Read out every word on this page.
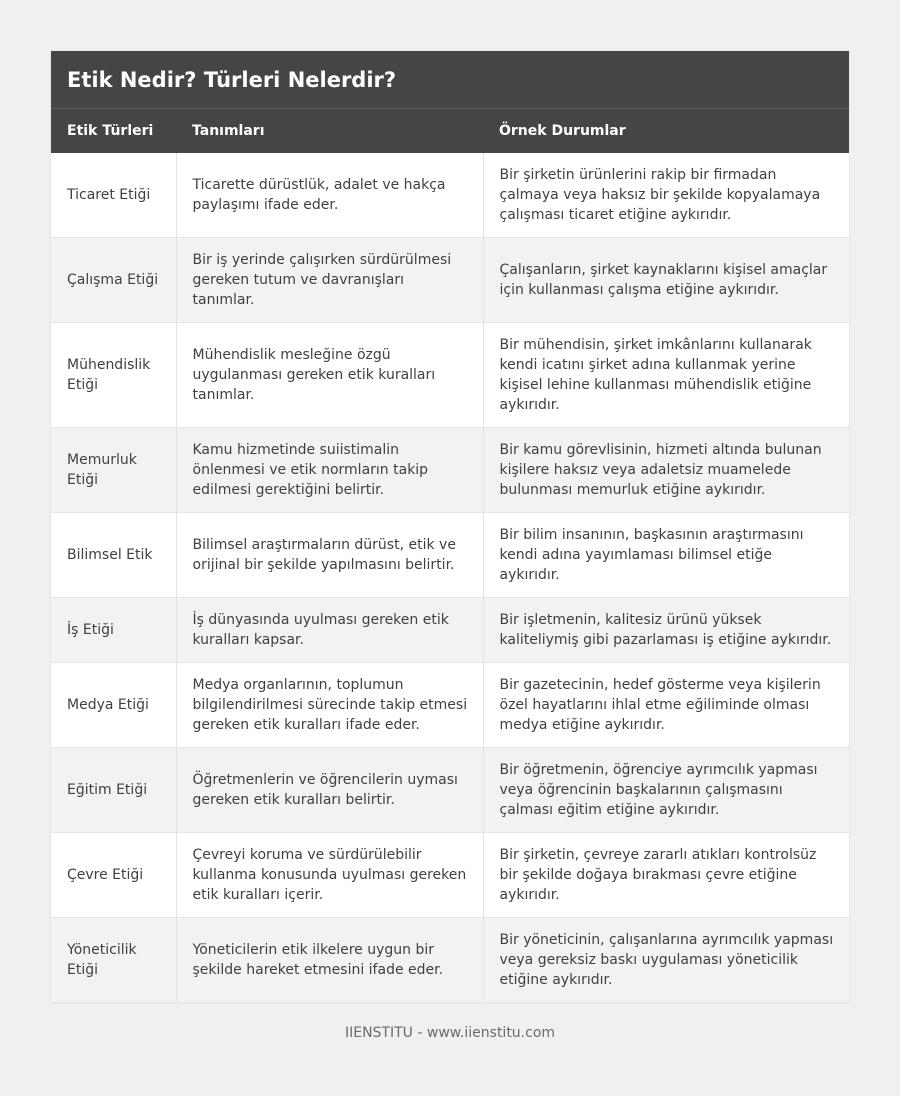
Etik Nedir? Türleri Nelerdir?
Etik Türleri	Tanımları	Örnek Durumlar
Ticaret Etiği	Ticarette dürüstlük, adalet ve hakça paylaşımı ifade eder.	Bir şirketin ürünlerini rakip bir firmadan çalmaya veya haksız bir şekilde kopyalamaya çalışması ticaret etiğine aykırıdır.
Çalışma Etiği	Bir iş yerinde çalışırken sürdürülmesi gereken tutum ve davranışları tanımlar.	Çalışanların, şirket kaynaklarını kişisel amaçlar için kullanması çalışma etiğine aykırıdır.
Mühendislik Etiği	Mühendislik mesleğine özgü uygulanması gereken etik kuralları tanımlar.	Bir mühendisin, şirket imkânlarını kullanarak kendi icatını şirket adına kullanmak yerine kişisel lehine kullanması mühendislik etiğine aykırıdır.
Memurluk Etiği	Kamu hizmetinde suiistimalin önlenmesi ve etik normların takip edilmesi gerektiğini belirtir.	Bir kamu görevlisinin, hizmeti altında bulunan kişilere haksız veya adaletsiz muamelede bulunması memurluk etiğine aykırıdır.
Bilimsel Etik	Bilimsel araştırmaların dürüst, etik ve orijinal bir şekilde yapılmasını belirtir.	Bir bilim insanının, başkasının araştırmasını kendi adına yayımlaması bilimsel etiğe aykırıdır.
İş Etiği	İş dünyasında uyulması gereken etik kuralları kapsar.	Bir işletmenin, kalitesiz ürünü yüksek kaliteliymiş gibi pazarlaması iş etiğine aykırıdır.
Medya Etiği	Medya organlarının, toplumun bilgilendirilmesi sürecinde takip etmesi gereken etik kuralları ifade eder.	Bir gazetecinin, hedef gösterme veya kişilerin özel hayatlarını ihlal etme eğiliminde olması medya etiğine aykırıdır.
Eğitim Etiği	Öğretmenlerin ve öğrencilerin uyması gereken etik kuralları belirtir.	Bir öğretmenin, öğrenciye ayrımcılık yapması veya öğrencinin başkalarının çalışmasını çalması eğitim etiğine aykırıdır.
Çevre Etiği	Çevreyi koruma ve sürdürülebilir kullanma konusunda uyulması gereken etik kuralları içerir.	Bir şirketin, çevreye zararlı atıkları kontrolsüz bir şekilde doğaya bırakması çevre etiğine aykırıdır.
Yöneticilik Etiği	Yöneticilerin etik ilkelere uygun bir şekilde hareket etmesini ifade eder.	Bir yöneticinin, çalışanlarına ayrımcılık yapması veya gereksiz baskı uygulaması yöneticilik etiğine aykırıdır.
IIENSTITU - www.iienstitu.com
